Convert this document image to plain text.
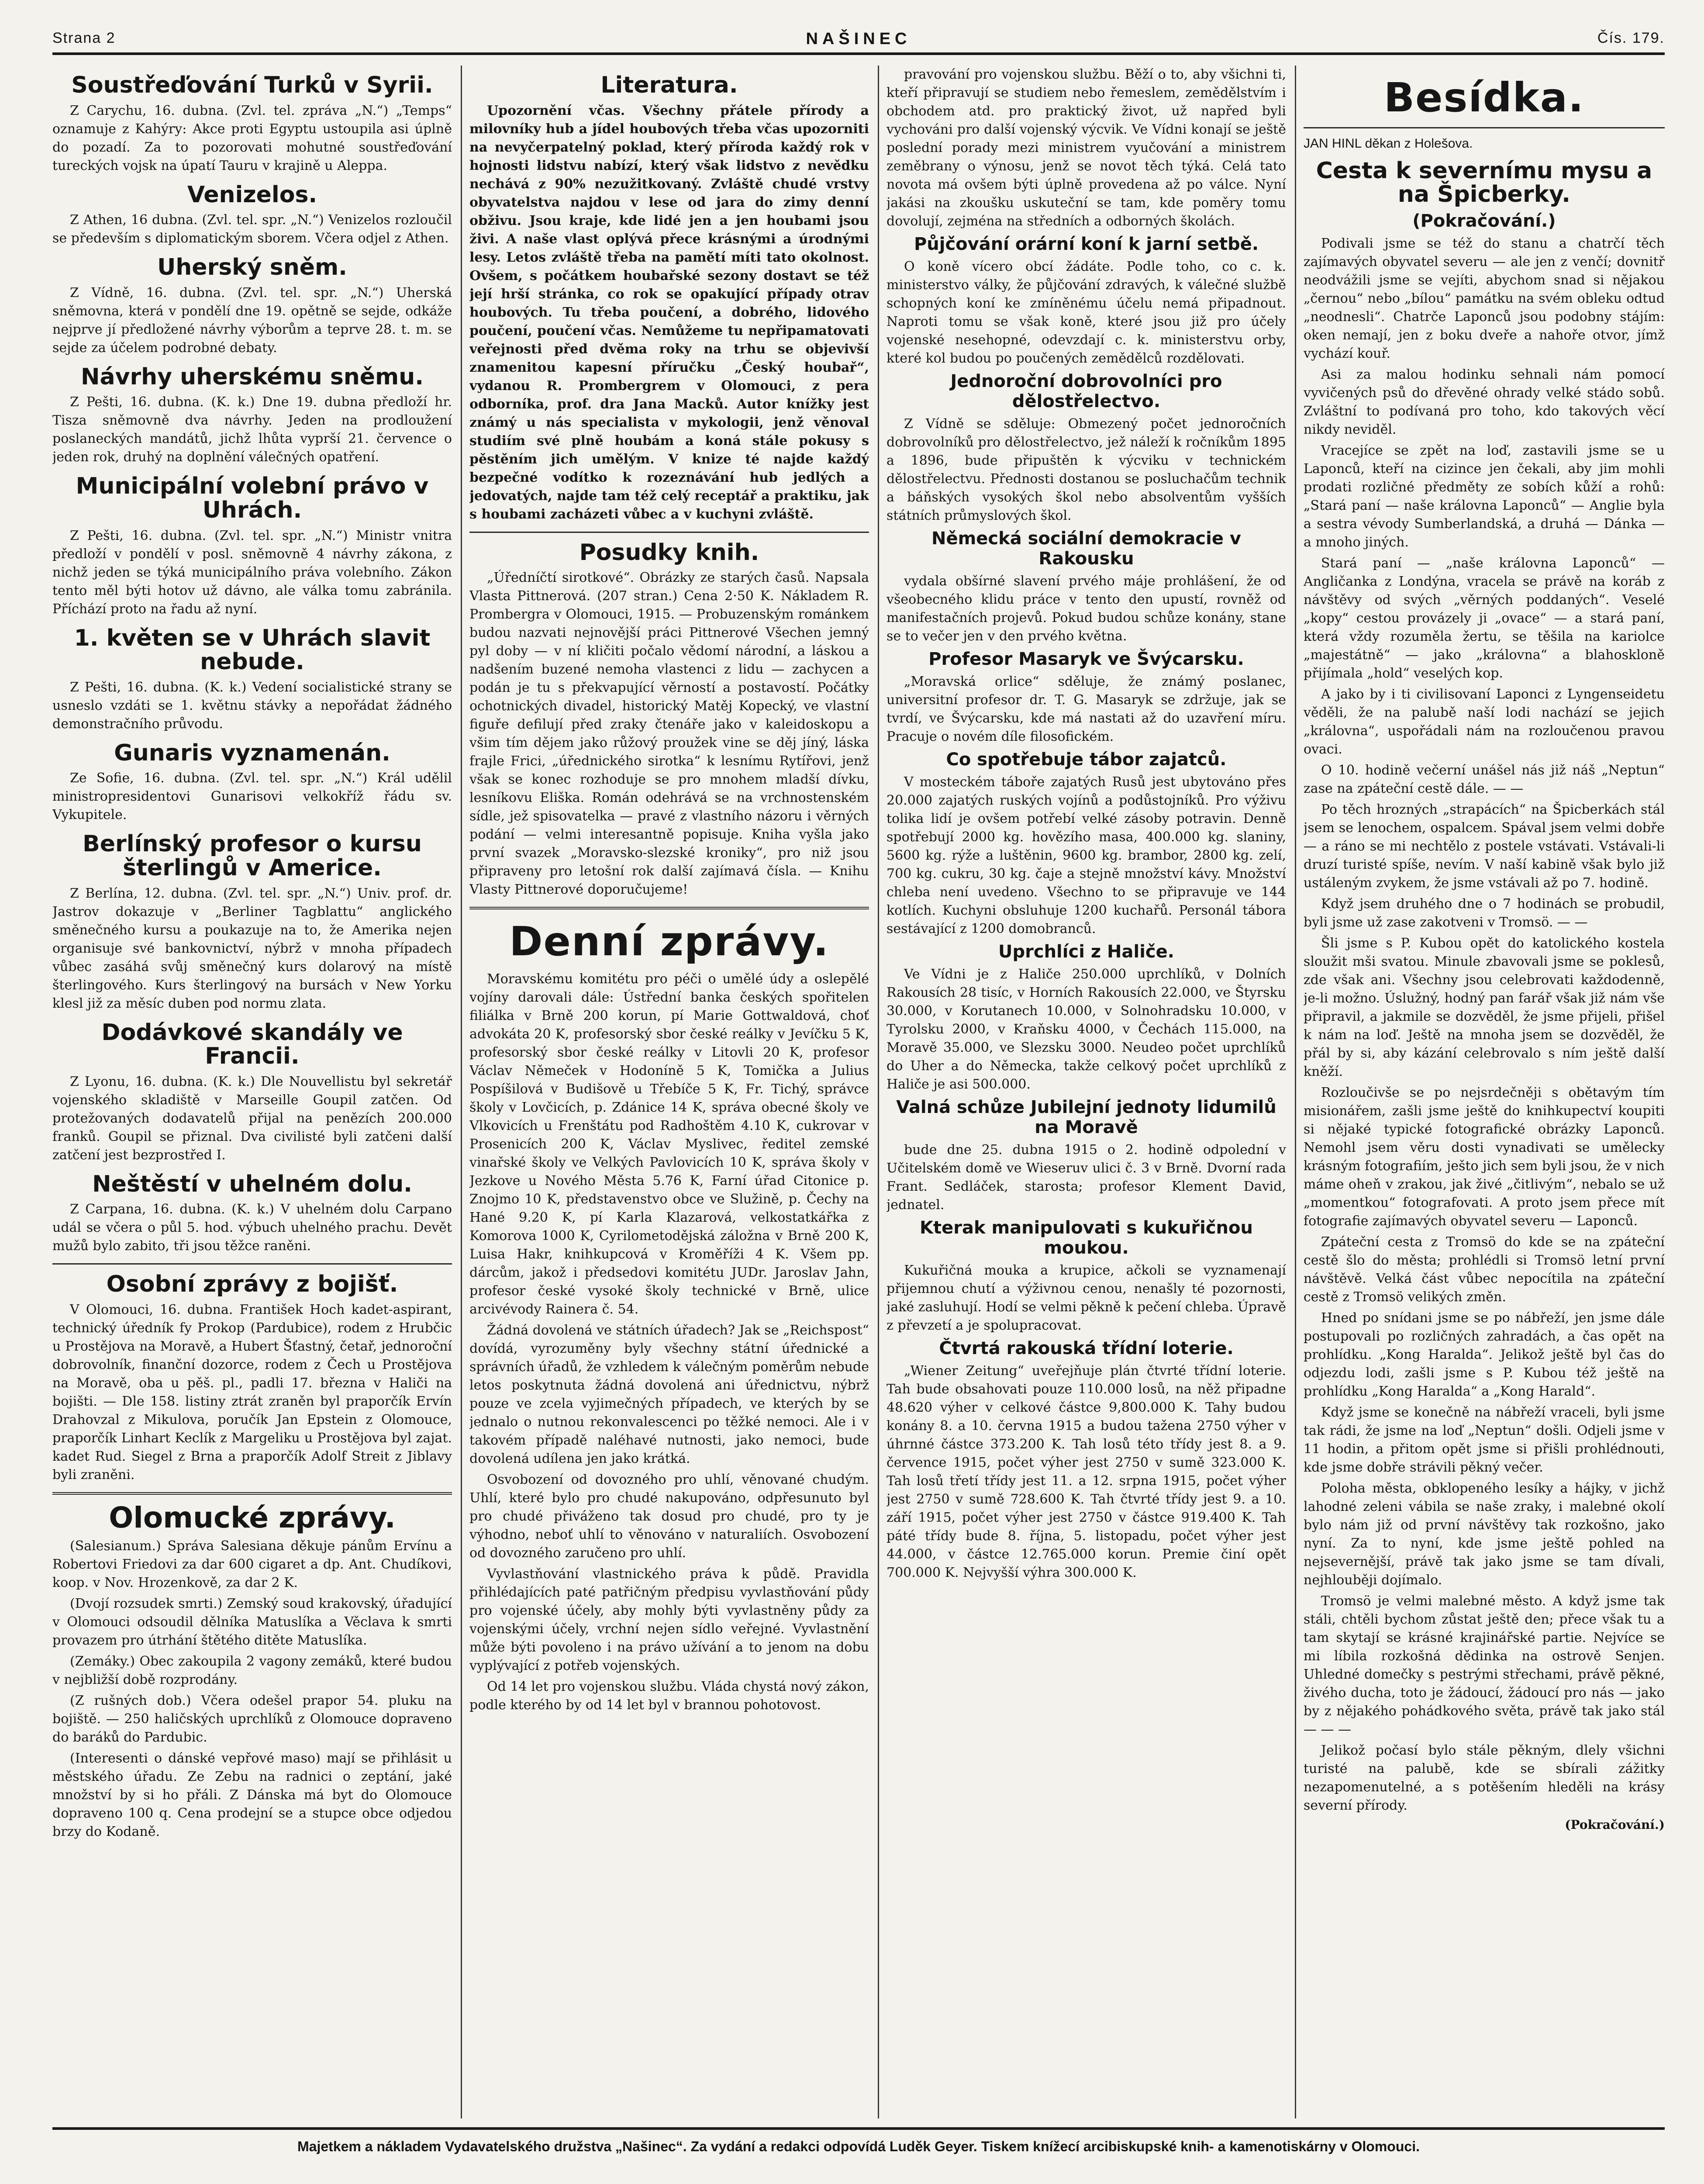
Strana 2	NAŠINEC	Čís. 179.
Soustřeďování Turků v Syrii.

Z Carychu, 16. dubna. (Zvl. tel. zpráva „N.“) „Temps“ oznamuje z Kahýry: Akce proti Egyptu ustoupila asi úplně do pozadí. Za to pozorovati mohutné soustřeďování tureckých vojsk na úpatí Tauru v krajině u Aleppa.

Venizelos.

Z Athen, 16 dubna. (Zvl. tel. spr. „N.“) Venizelos rozloučil se především s diplomatickým sborem. Včera odjel z Athen.

Uherský sněm.

Z Vídně, 16. dubna. (Zvl. tel. spr. „N.“) Uherská sněmovna, která v pondělí dne 19. opětně se sejde, odkáže nejprve jí předložené návrhy výborům a teprve 28. t. m. se sejde za účelem podrobné debaty.

Návrhy uherskému sněmu.

Z Pešti, 16. dubna. (K. k.) Dne 19. dubna předloží hr. Tisza sněmovně dva návrhy. Jeden na prodloužení poslaneckých mandátů, jichž lhůta vyprší 21. července o jeden rok, druhý na doplnění válečných opatření.

Municipální volební právo v Uhrách.

Z Pešti, 16. dubna. (Zvl. tel. spr. „N.“) Ministr vnitra předloží v pondělí v posl. sněmovně 4 návrhy zákona, z nichž jeden se týká municipálního práva volebního. Zákon tento měl býti hotov už dávno, ale válka tomu zabránila. Příchází proto na řadu až nyní.

1. květen se v Uhrách slavit nebude.

Z Pešti, 16. dubna. (K. k.) Vedení socialistické strany se usneslo vzdáti se 1. květnu stávky a nepořádat žádného demonstračního průvodu.

Gunaris vyznamenán.

Ze Sofie, 16. dubna. (Zvl. tel. spr. „N.“) Král udělil ministropresidentovi Gunarisovi velkokříž řádu sv. Vykupitele.

Berlínský profesor o kursu šterlingů v Americe.

Z Berlína, 12. dubna. (Zvl. tel. spr. „N.“) Univ. prof. dr. Jastrov dokazuje v „Berliner Tagblattu“ anglického směnečného kursu a poukazuje na to, že Amerika nejen organisuje své bankovnictví, nýbrž v mnoha případech vůbec zasáhá svůj směnečný kurs dolarový na místě šterlingového. Kurs šterlingový na bursách v New Yorku klesl již za měsíc duben pod normu zlata.

Dodávkové skandály ve Francii.

Z Lyonu, 16. dubna. (K. k.) Dle Nouvellistu byl sekretář vojenského skladiště v Marseille Goupil zatčen. Od protežovaných dodavatelů přijal na penězích 200.000 franků. Goupil se přiznal. Dva civilisté byli zatčeni další zatčení jest bezprostřed I.

Neštěstí v uhelném dolu.

Z Carpana, 16. dubna. (K. k.) V uhelném dolu Carpano udál se včera o půl 5. hod. výbuch uhelného prachu. Devět mužů bylo zabito, tři jsou těžce raněni.

Osobní zprávy z bojišť.

V Olomouci, 16. dubna. František Hoch kadet-aspirant, technický úředník fy Prokop (Pardubice), rodem z Hrubčic u Prostějova na Moravě, a Hubert Šťastný, četař, jednoroční dobrovolník, finanční dozorce, rodem z Čech u Prostějova na Moravě, oba u pěš. pl., padli 17. března v Haliči na bojišti. — Dle 158. listiny ztrát zraněn byl praporčík Ervín Drahovzal z Mikulova, poručík Jan Epstein z Olomouce, praporčík Linhart Keclík z Margeliku u Prostějova byl zajat. kadet Rud. Siegel z Brna a praporčík Adolf Streit z Jiblavy byli zraněni.

Olomucké zprávy.

(Salesianum.) Správa Salesiana děkuje pánům Ervínu a Robertovi Friedovi za dar 600 cigaret a dp. Ant. Chudíkovi, koop. v Nov. Hrozenkově, za dar 2 K.

(Dvojí rozsudek smrti.) Zemský soud krakovský, úřadující v Olomouci odsoudil dělníka Matuslíka a Věclava k smrti provazem pro útrhání štětého ditěte Matuslíka.

(Zemáky.) Obec zakoupila 2 vagony zemáků, které budou v nejbližší době rozprodány.

(Z rušných dob.) Včera odešel prapor 54. pluku na bojiště. — 250 haličských uprchlíků z Olomouce dopraveno do baráků do Pardubic.

(Interesenti o dánské vepřové maso) mají se přihlásit u městského úřadu. Ze Zebu na radnici o zeptání, jaké množství by si ho přáli. Z Dánska má byt do Olomouce dopraveno 100 q. Cena prodejní se a stupce obce odjedou brzy do Kodaně.

Literatura.

Upozornění včas. Všechny přátele přírody a milovníky hub a jídel houbových třeba včas upozorniti na nevyčerpatelný poklad, který příroda každý rok v hojnosti lidstvu nabízí, který však lidstvo z nevědku nechává z 90% nezužitkovaný. Zvláště chudé vrstvy obyvatelstva najdou v lese od jara do zimy denní obživu. Jsou kraje, kde lidé jen a jen houbami jsou živi. A naše vlast oplývá přece krásnými a úrodnými lesy. Letos zvláště třeba na pamětí míti tato okolnost. Ovšem, s počátkem houbařské sezony dostavt se též její hrší stránka, co rok se opakující případy otrav houbových. Tu třeba poučení, a dobrého, lidového poučení, poučení včas. Nemůžeme tu nepřipamatovati veřejnosti před dvěma roky na trhu se objevivší znamenitou kapesní příručku „Český houbař“, vydanou R. Prombergrem v Olomouci, z pera odborníka, prof. dra Jana Macků. Autor knížky jest známý u nás specialista v mykologii, jenž věnoval studiím své plně houbám a koná stále pokusy s pěstěním jich umělým. V knize té najde každý bezpečné vodítko k rozeznávání hub jedlých a jedovatých, najde tam též celý receptář a praktiku, jak s houbami zacházeti vůbec a v kuchyni zvláště.

Posudky knih.

„Úředníčtí sirotkové“. Obrázky ze starých časů. Napsala Vlasta Pittnerová. (207 stran.) Cena 2·50 K. Nákladem R. Prombergra v Olomouci, 1915. — Probuzenským románkem budou nazvati nejnovější práci Pittnerové Všechen jemný pyl doby — v ní kličiti počalo vědomí národní, a láskou a nadšením buzené nemoha vlastenci z lidu — zachycen a podán je tu s překvapující věrností a postavostí. Počátky ochotnických divadel, historický Matěj Kopecký, ve vlastní figuře defilují před zraky čtenáře jako v kaleidoskopu a všim tím dějem jako růžový proužek vine se děj jíný, láska frajle Frici, „úřednického sirotka“ k lesnímu Rytířovi, jenž však se konec rozhoduje se pro mnohem mladší dívku, lesníkovu Eliška. Román odehrává se na vrchnostenském sídle, jež spisovatelka — pravé z vlastního názoru i věrných podání — velmi interesantně popisuje. Kniha vyšla jako první svazek „Moravsko-slezské kroniky“, pro niž jsou připraveny pro letošní rok další zajímavá čísla. — Knihu Vlasty Pittnerové doporučujeme!

Denní zprávy.

Moravskému komitétu pro péči o umělé údy a oslepělé vojíny darovali dále: Ústřední banka českých spořitelen filiálka v Brně 200 korun, pí Marie Gottwaldová, choť advokáta 20 K, profesorský sbor české reálky v Jevíčku 5 K, profesorský sbor české reálky v Litovli 20 K, profesor Václav Němeček v Hodoníně 5 K, Tomička a Julius Pospíšilová v Budišově u Třebíče 5 K, Fr. Tichý, správce školy v Lovčicích, p. Zdánice 14 K, správa obecné školy ve Vlkovicích u Frenštátu pod Radhoštěm 4.10 K, cukrovar v Prosenicích 200 K, Václav Myslivec, ředitel zemské vinařské školy ve Velkých Pavlovicích 10 K, správa školy v Jezkove u Nového Města 5.76 K, Farní úřad Citonice p. Znojmo 10 K, představenstvo obce ve Služině, p. Čechy na Hané 9.20 K, pí Karla Klazarová, velkostatkářka z Komorova 1000 K, Cyrilometodějská záložna v Brně 200 K, Luisa Hakr, knihkupcová v Kroměříži 4 K. Všem pp. dárcům, jakož i předsedovi komitétu JUDr. Jaroslav Jahn, profesor české vysoké školy technické v Brně, ulice arcivévody Rainera č. 54.

Žádná dovolená ve státních úřadech? Jak se „Reichspost“ dovídá, vyrozuměny byly všechny státní úřednické a správních úřadů, že vzhledem k válečným poměrům nebude letos poskytnuta žádná dovolená ani úřednictvu, nýbrž pouze ve zcela vyjimečných případech, ve kterých by se jednalo o nutnou rekonvalescenci po těžké nemoci. Ale i v takovém případě naléhavé nutnosti, jako nemoci, bude dovolená udílena jen jako krátká.

Osvobození od dovozného pro uhlí, věnované chudým. Uhlí, které bylo pro chudé nakupováno, odpřesunuto byl pro chudé přiváženo tak dosud pro chudé, pro ty je výhodno, neboť uhlí to věnováno v naturaliích. Osvobození od dovozného zaručeno pro uhlí.

Vyvlastňování vlastnického práva k půdě. Pravidla přihlédajících paté patřičným předpisu vyvlastňování půdy pro vojenské účely, aby mohly býti vyvlastněny půdy za vojenskými účely, vrchní nejen sídlo veřejné. Vyvlastnění může býti povoleno i na právo užívání a to jenom na dobu vyplývající z potřeb vojenských.

Od 14 let pro vojenskou službu. Vláda chystá nový zákon, podle kterého by od 14 let byl v brannou pohotovost.

pravování pro vojenskou službu. Běží o to, aby všichni ti, kteří připravují se studiem nebo řemeslem, zemědělstvím i obchodem atd. pro praktický život, už napřed byli vychováni pro další vojenský výcvik. Ve Vídni konají se ještě poslední porady mezi ministrem vyučování a ministrem zeměbrany o výnosu, jenž se novot těch týká. Celá tato novota má ovšem býti úplně provedena až po válce. Nyní jakási na zkoušku uskuteční se tam, kde poměry tomu dovolují, zejména na středních a odborných školách.

Půjčování orární koní k jarní setbě.

O koně vícero obcí žádáte. Podle toho, co c. k. ministerstvo války, že půjčování zdravých, k válečné službě schopných koní ke zmíněnému účelu nemá připadnout. Naproti tomu se však koně, které jsou již pro účely vojenské nesehopné, odevzdají c. k. ministerstvu orby, které kol budou po poučených zemědělců rozdělovati.

Jednoroční dobrovolníci pro dělostřelectvo.

Z Vídně se sděluje: Obmezený počet jednoročních dobrovolníků pro dělostřelectvo, jež náleží k ročníkům 1895 a 1896, bude připuštěn k výcviku v technickém dělostřelectvu. Přednosti dostanou se posluchačům technik a báňských vysokých škol nebo absolventům vyšších státních průmyslových škol.

Německá sociální demokracie v Rakousku

vydala obšírné slavení prvého máje prohlášení, že od všeobecného klidu práce v tento den upustí, rovněž od manifestačních projevů. Pokud budou schůze konány, stane se to večer jen v den prvého května.

Profesor Masaryk ve Švýcarsku.

„Moravská orlice“ sděluje, že známý poslanec, universitní profesor dr. T. G. Masaryk se zdržuje, jak se tvrdí, ve Švýcarsku, kde má nastati až do uzavření míru. Pracuje o novém díle filosofickém.

Co spotřebuje tábor zajatců.

V mosteckém táboře zajatých Rusů jest ubytováno přes 20.000 zajatých ruských vojínů a podůstojníků. Pro výživu tolika lidí je ovšem potřebí velké zásoby potravin. Denně spotřebují 2000 kg. hovězího masa, 400.000 kg. slaniny, 5600 kg. rýže a luštěnin, 9600 kg. brambor, 2800 kg. zelí, 700 kg. cukru, 30 kg. čaje a stejně množství kávy. Množství chleba není uvedeno. Všechno to se připravuje ve 144 kotlích. Kuchyni obsluhuje 1200 kuchařů. Personál tábora sestávající z 1200 domobranců.

Uprchlíci z Haliče.

Ve Vídni je z Haliče 250.000 uprchlíků, v Dolních Rakousích 28 tisíc, v Horních Rakousích 22.000, ve Štyrsku 30.000, v Korutanech 10.000, v Solnohradsku 10.000, v Tyrolsku 2000, v Kraňsku 4000, v Čechách 115.000, na Moravě 35.000, ve Slezsku 3000. Neudeo počet uprchlíků do Uher a do Německa, takže celkový počet uprchlíků z Haliče je asi 500.000.

Valná schůze Jubilejní jednoty lidumilů na Moravě

bude dne 25. dubna 1915 o 2. hodině odpolední v Učitelském domě ve Wieseruv ulici č. 3 v Brně. Dvorní rada Frant. Sedláček, starosta; profesor Klement David, jednatel.

Kterak manipulovati s kukuřičnou moukou.

Kukuřičná mouka a krupice, ačkoli se vyznamenají přijemnou chutí a výživnou cenou, nenašly té pozornosti, jaké zasluhují. Hodí se velmi pěkně k pečení chleba. Úpravě z převzetí a je spolupracovat.

Čtvrtá rakouská třídní loterie.

„Wiener Zeitung“ uveřejňuje plán čtvrté třídní loterie. Tah bude obsahovati pouze 110.000 losů, na něž připadne 48.620 výher v celkové částce 9,800.000 K. Tahy budou konány 8. a 10. června 1915 a budou tažena 2750 výher v úhrnné částce 373.200 K. Tah losů této třídy jest 8. a 9. července 1915, počet výher jest 2750 v sumě 323.000 K. Tah losů třetí třídy jest 11. a 12. srpna 1915, počet výher jest 2750 v sumě 728.600 K. Tah čtvrté třídy jest 9. a 10. září 1915, počet výher jest 2750 v částce 919.400 K. Tah páté třídy bude 8. října, 5. listopadu, počet výher jest 44.000, v částce 12.765.000 korun. Premie činí opět 700.000 K. Nejvyšší výhra 300.000 K.

Besídka.
JAN HINL děkan z Holešova.
Cesta k severnímu mysu a na Špicberky.
(Pokračování.)

Podivali jsme se též do stanu a chatrčí těch zajímavých obyvatel severu — ale jen z venčí; dovnitř neodvážili jsme se vejíti, abychom snad si nějakou „černou“ nebo „bílou“ památku na svém obleku odtud „neodnesli“. Chatrče Laponců jsou podobny stájím: oken nemají, jen z boku dveře a nahoře otvor, jímž vychází kouř.

Asi za malou hodinku sehnali nám pomocí vyvičených psů do dřevěné ohrady velké stádo sobů. Zvláštní to podívaná pro toho, kdo takových věcí nikdy neviděl.

Vracejíce se zpět na loď, zastavili jsme se u Laponců, kteří na cizince jen čekali, aby jim mohli prodati rozličné předměty ze sobích kůží a rohů: „Stará paní — naše královna Laponců“ — Anglie byla a sestra vévody Sumberlandská, a druhá — Dánka — a mnoho jiných.

Stará paní — „naše královna Laponců“ — Angličanka z Londýna, vracela se právě na koráb z návštěvy od svých „věrných poddaných“. Veselé „kopy“ cestou provázely ji „ovace“ — a stará paní, která vždy rozuměla žertu, se těšila na kariolce „majestátně“ — jako „královna“ a blahoskloně přijímala „hold“ veselých kop.

A jako by i ti civilisovaní Laponci z Lyngenseidetu věděli, že na palubě naší lodi nachází se jejich „královna“, uspořádali nám na rozloučenou pravou ovaci.

O 10. hodině večerní unášel nás již náš „Neptun“ zase na zpáteční cestě dále. — —

Po těch hrozných „strapácích“ na Špicberkách stál jsem se lenochem, ospalcem. Spával jsem velmi dobře — a ráno se mi nechtělo z postele vstávati. Vstávali-li druzí turisté spíše, nevím. V naší kabině však bylo již ustáleným zvykem, že jsme vstávali až po 7. hodině.

Když jsem druhého dne o 7 hodinách se probudil, byli jsme už zase zakotveni v Tromsö. — —

Šli jsme s P. Kubou opět do katolického kostela sloužit mši svatou. Minule zbavovali jsme se poklesů, zde však ani. Všechny jsou celebrovati každodenně, je-li možno. Úslužný, hodný pan farář však již nám vše připravil, a jakmile se dozvěděl, že jsme přijeli, přišel k nám na loď. Ještě na mnoha jsem se dozvěděl, že přál by si, aby kázání celebrovalo s ním ještě další kněží.

Rozloučivše se po nejsrdečněji s obětavým tím misionářem, zašli jsme ještě do knihkupectví koupiti si nějaké typické fotografické obrázky Laponců. Nemohl jsem věru dosti vynadivati se umělecky krásným fotografiím, ješto jich sem byli jsou, že v nich máme oheň v zrakou, jak živé „čitlivým“, nebalo se už „momentkou“ fotografovati. A proto jsem přece mít fotografie zajímavých obyvatel severu — Laponců.

Zpáteční cesta z Tromsö do kde se na zpáteční cestě šlo do města; prohlédli si Tromsö letní první návštěvě. Velká část vůbec nepocítila na zpáteční cestě z Tromsö velikých změn.

Hned po snídani jsme se po nábřeží, jen jsme dále postupovali po rozličných zahradách, a čas opět na prohlídku. „Kong Haralda“. Jelikož ještě byl čas do odjezdu lodi, zašli jsme s P. Kubou též ještě na prohlídku „Kong Haralda“ a „Kong Harald“.

Když jsme se konečně na nábřeží vraceli, byli jsme tak rádi, že jsme na loď „Neptun“ došli. Odjeli jsme v 11 hodin, a přitom opět jsme si přišli prohlédnouti, kde jsme dobře strávili pěkný večer.

Poloha města, obklopeného lesíky a hájky, v jichž lahodné zeleni vábila se naše zraky, i malebné okolí bylo nám již od první návštěvy tak rozkošno, jako nyní. Za to nyní, kde jsme ještě pohled na nejsevernější, právě tak jako jsme se tam dívali, nejhlouběji dojímalo.

Tromsö je velmi malebné město. A když jsme tak stáli, chtěli bychom zůstat ještě den; přece však tu a tam skytají se krásné krajinářské partie. Nejvíce se mi líbila rozkošná dědinka na ostrově Senjen. Uhledné domečky s pestrými střechami, právě pěkné, živého ducha, toto je žádoucí, žádoucí pro nás — jako by z nějakého pohádkového světa, právě tak jako stál — — —

Jelikož počasí bylo stále pěkným, dlely všichni turisté na palubě, kde se sbírali zážitky nezapomenutelné, a s potěšením hleděli na krásy severní přírody.

(Pokračování.)
Majetkem a nákladem Vydavatelského družstva „Našinec“. Za vydání a redakci odpovídá Luděk Geyer. Tiskem knížecí arcibiskupské knih- a kamenotiskárny v Olomouci.
